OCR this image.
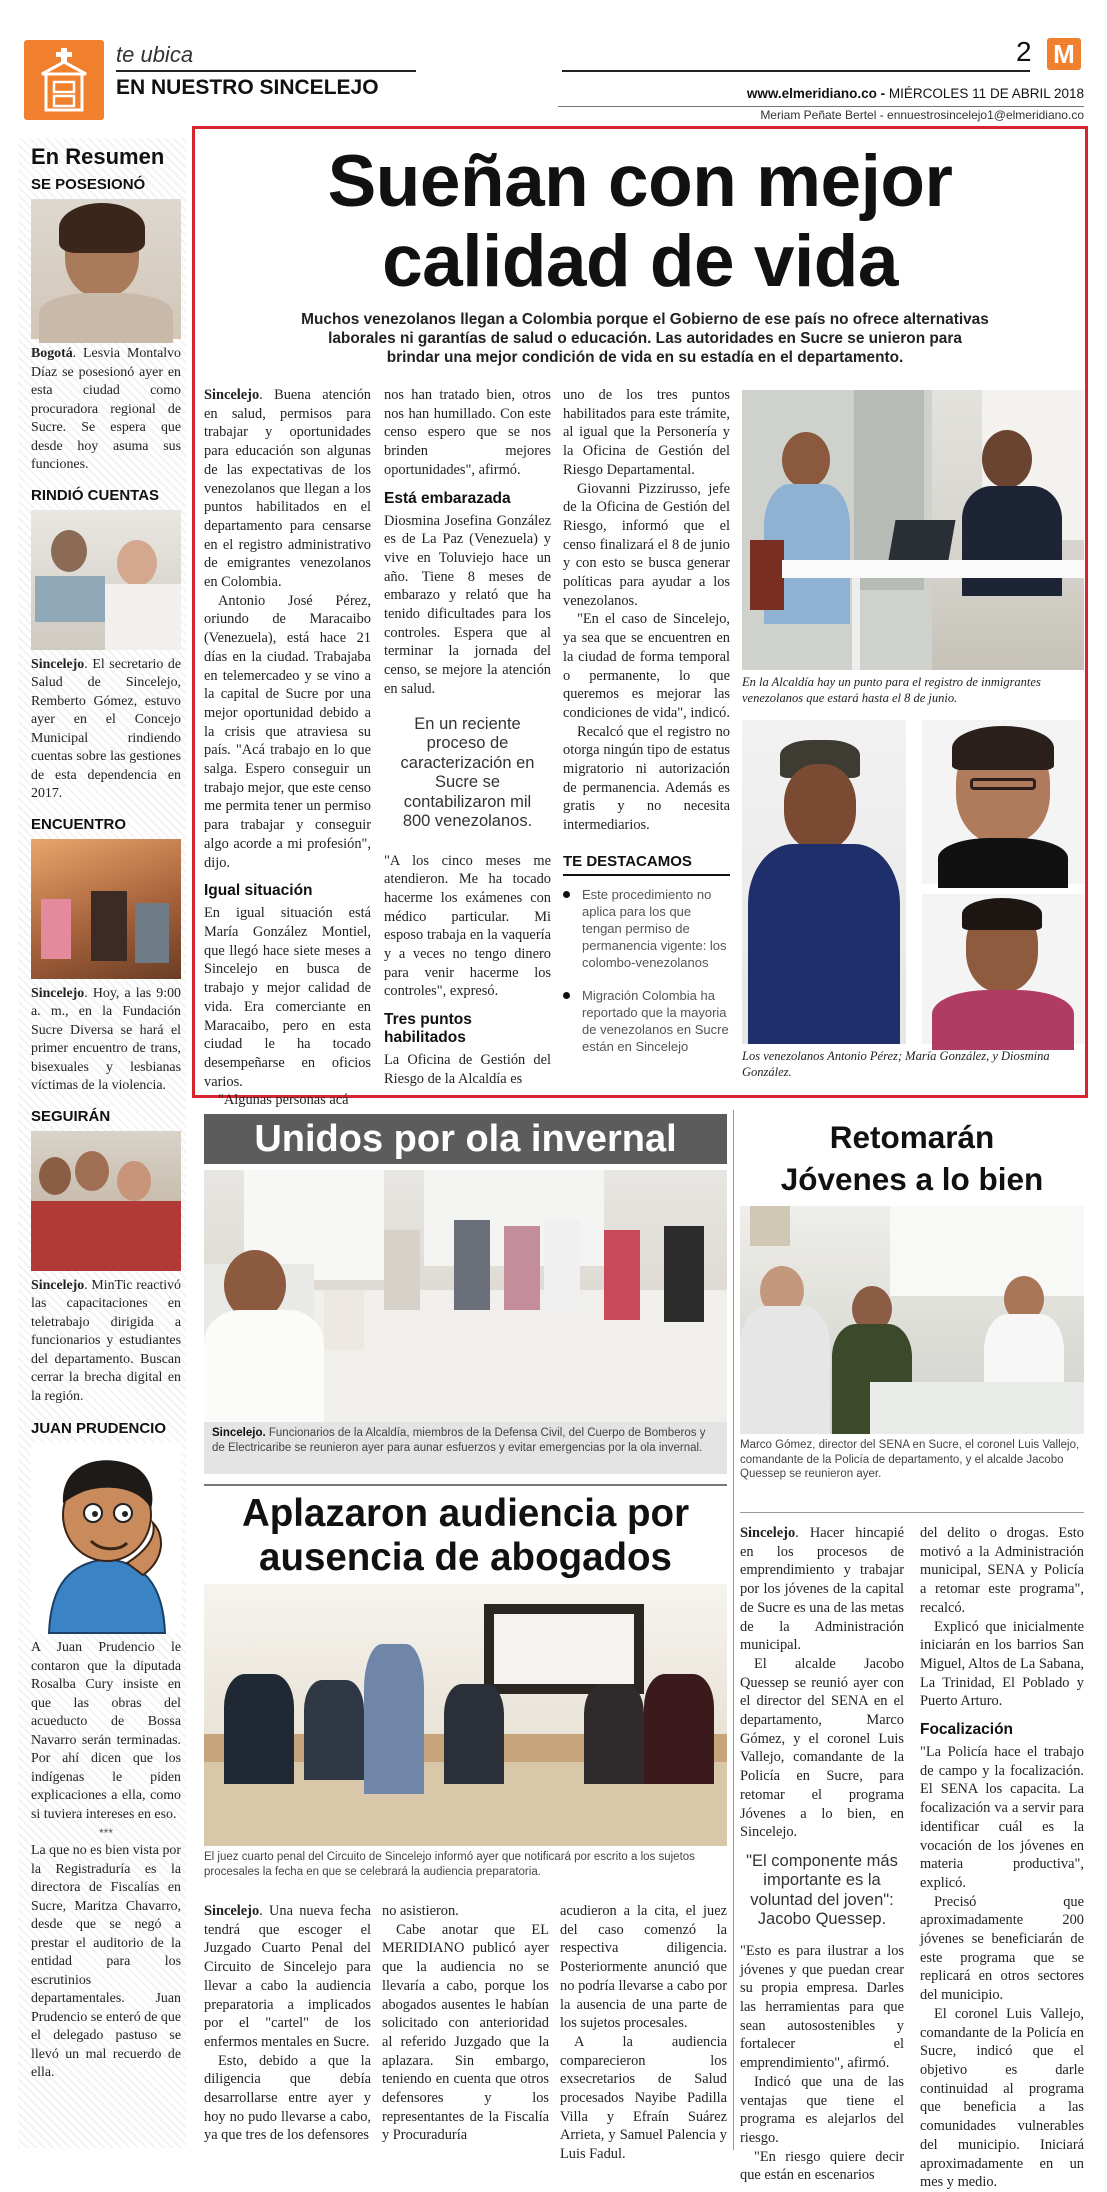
te ubica
EN NUESTRO SINCELEJO
2 M
www.elmeridiano.co - MIÉRCOLES 11 DE ABRIL 2018
Meriam Peñate Bertel - ennuestrosincelejo1@elmeridiano.co
En Resumen
SE POSESIONÓ

Bogotá. Lesvia Montalvo Díaz se posesionó ayer en esta ciudad como procuradora regional de Sucre. Se espera que desde hoy asuma sus funciones.

RINDIÓ CUENTAS

Sincelejo. El secretario de Salud de Sincelejo, Remberto Gómez, estuvo ayer en el Concejo Municipal rindiendo cuentas sobre las gestiones de esta dependencia en 2017.

ENCUENTRO

Sincelejo. Hoy, a las 9:00 a. m., en la Fundación Sucre Diversa se hará el primer encuentro de trans, bisexuales y lesbianas víctimas de la violencia.

SEGUIRÁN

Sincelejo. MinTic reactivó las capacitaciones en teletrabajo dirigida a funcionarios y estudiantes del departamento. Buscan cerrar la brecha digital en la región.

JUAN PRUDENCIO

A Juan Prudencio le contaron que la diputada Rosalba Cury insiste en que las obras del acueducto de Bossa Navarro serán terminadas. Por ahí dicen que los indígenas le piden explicaciones a ella, como si tuviera intereses en eso.

***

La que no es bien vista por la Registraduría es la directora de Fiscalías en Sucre, Maritza Chavarro, desde que se negó a prestar el auditorio de la entidad para los escrutinios departamentales. Juan Prudencio se enteró de que el delegado pastuso se llevó un mal recuerdo de ella.

Sueñan con mejor
calidad de vida

Muchos venezolanos llegan a Colombia porque el Gobierno de ese país no ofrece alternativas laborales ni garantías de salud o educación. Las autoridades en Sucre se unieron para brindar una mejor condición de vida en su estadía en el departamento.

Sincelejo. Buena atención en salud, permisos para trabajar y oportunidades para educación son algunas de las expectativas de los venezolanos que llegan a los puntos habilitados en el departamento para censarse en el registro administrativo de emigrantes venezolanos en Colombia.

Antonio José Pérez, oriundo de Maracaibo (Venezuela), está hace 21 días en la ciudad. Trabajaba en telemercadeo y se vino a la capital de Sucre por una mejor oportunidad debido a la crisis que atraviesa su país. "Acá trabajo en lo que salga. Espero conseguir un trabajo mejor, que este censo me permita tener un permiso para trabajar y conseguir algo acorde a mi profesión", dijo.

Igual situación

En igual situación está María González Montiel, que llegó hace siete meses a Sincelejo en busca de trabajo y mejor calidad de vida. Era comerciante en Maracaibo, pero en esta ciudad le ha tocado desempeñarse en oficios varios.

"Algunas personas acá

nos han tratado bien, otros nos han humillado. Con este censo espero que se nos brinden mejores oportunidades", afirmó.

Está embarazada

Diosmina Josefina González es de La Paz (Venezuela) y vive en Toluviejo hace un año. Tiene 8 meses de embarazo y relató que ha tenido dificultades para los controles. Espera que al terminar la jornada del censo, se mejore la atención en salud.

En un reciente proceso de caracterización en Sucre se contabilizaron mil 800 venezolanos.

"A los cinco meses me atendieron. Me ha tocado hacerme los exámenes con médico particular. Mi esposo trabaja en la vaquería y a veces no tengo dinero para venir hacerme los controles", expresó.

Tres puntos habilitados

La Oficina de Gestión del Riesgo de la Alcaldía es

uno de los tres puntos habilitados para este trámite, al igual que la Personería y la Oficina de Gestión del Riesgo Departamental.

Giovanni Pizzirusso, jefe de la Oficina de Gestión del Riesgo, informó que el censo finalizará el 8 de junio y con esto se busca generar políticas para ayudar a los venezolanos.

"En el caso de Sincelejo, ya sea que se encuentren en la ciudad de forma temporal o permanente, lo que queremos es mejorar las condiciones de vida", indicó.

Recalcó que el registro no otorga ningún tipo de estatus migratorio ni autorización de permanencia. Además es gratis y no necesita intermediarios.

TE DESTACAMOS
Este procedimiento no aplica para los que tengan permiso de permanencia vigente: los colombo-venezolanos
Migración Colombia ha reportado que la mayoria de venezolanos en Sucre están en Sincelejo

En la Alcaldía hay un punto para el registro de inmigrantes venezolanos que estará hasta el 8 de junio.

Los venezolanos Antonio Pérez; María González, y Diosmina González.

Unidos por ola invernal

Sincelejo. Funcionarios de la Alcaldía, miembros de la Defensa Civil, del Cuerpo de Bomberos y de Electricaribe se reunieron ayer para aunar esfuerzos y evitar emergencias por la ola invernal.

Aplazaron audiencia por
ausencia de abogados

El juez cuarto penal del Circuito de Sincelejo informó ayer que notificará por escrito a los sujetos procesales la fecha en que se celebrará la audiencia preparatoria.

Sincelejo. Una nueva fecha tendrá que escoger el Juzgado Cuarto Penal del Circuito de Sincelejo para llevar a cabo la audiencia preparatoria a implicados por el "cartel" de los enfermos mentales en Sucre.

Esto, debido a que la diligencia que debía desarrollarse entre ayer y hoy no pudo llevarse a cabo, ya que tres de los defensores

no asistieron.

Cabe anotar que EL MERIDIANO publicó ayer que la audiencia no se llevaría a cabo, porque los abogados ausentes le habían solicitado con anterioridad al referido Juzgado que la aplazara. Sin embargo, teniendo en cuenta que otros defensores y los representantes de la Fiscalía y Procuraduría

acudieron a la cita, el juez del caso comenzó la respectiva diligencia. Posteriormente anunció que no podría llevarse a cabo por la ausencia de una parte de los sujetos procesales.

A la audiencia comparecieron los exsecretarios de Salud procesados Nayibe Padilla Villa y Efraín Suárez Arrieta, y Samuel Palencia y Luis Fadul.

Retomarán
Jóvenes a lo bien

Marco Gómez, director del SENA en Sucre, el coronel Luis Vallejo, comandante de la Policía de departamento, y el alcalde Jacobo Quessep se reunieron ayer.

Sincelejo. Hacer hincapié en los procesos de emprendimiento y trabajar por los jóvenes de la capital de Sucre es una de las metas de la Administración municipal.

El alcalde Jacobo Quessep se reunió ayer con el director del SENA en el departamento, Marco Gómez, y el coronel Luis Vallejo, comandante de la Policía en Sucre, para retomar el programa Jóvenes a lo bien, en Sincelejo.

"El componente más importante es la voluntad del joven": Jacobo Quessep.

"Esto es para ilustrar a los jóvenes y que puedan crear su propia empresa. Darles las herramientas para que sean autosostenibles y fortalecer el emprendimiento", afirmó.

Indicó que una de las ventajas que tiene el programa es alejarlos del riesgo.

"En riesgo quiere decir que están en escenarios

del delito o drogas. Esto motivó a la Administración municipal, SENA y Policía a retomar este programa", recalcó.

Explicó que inicialmente iniciarán en los barrios San Miguel, Altos de La Sabana, La Trinidad, El Poblado y Puerto Arturo.

Focalización

"La Policía hace el trabajo de campo y la focalización. El SENA los capacita. La focalización va a servir para identificar cuál es la vocación de los jóvenes en materia productiva", explicó.

Precisó que aproximadamente 200 jóvenes se beneficiarán de este programa que se replicará en otros sectores del municipio.

El coronel Luis Vallejo, comandante de la Policía en Sucre, indicó que el objetivo es darle continuidad al programa que beneficia a las comunidades vulnerables del municipio. Iniciará aproximadamente en un mes y medio.
